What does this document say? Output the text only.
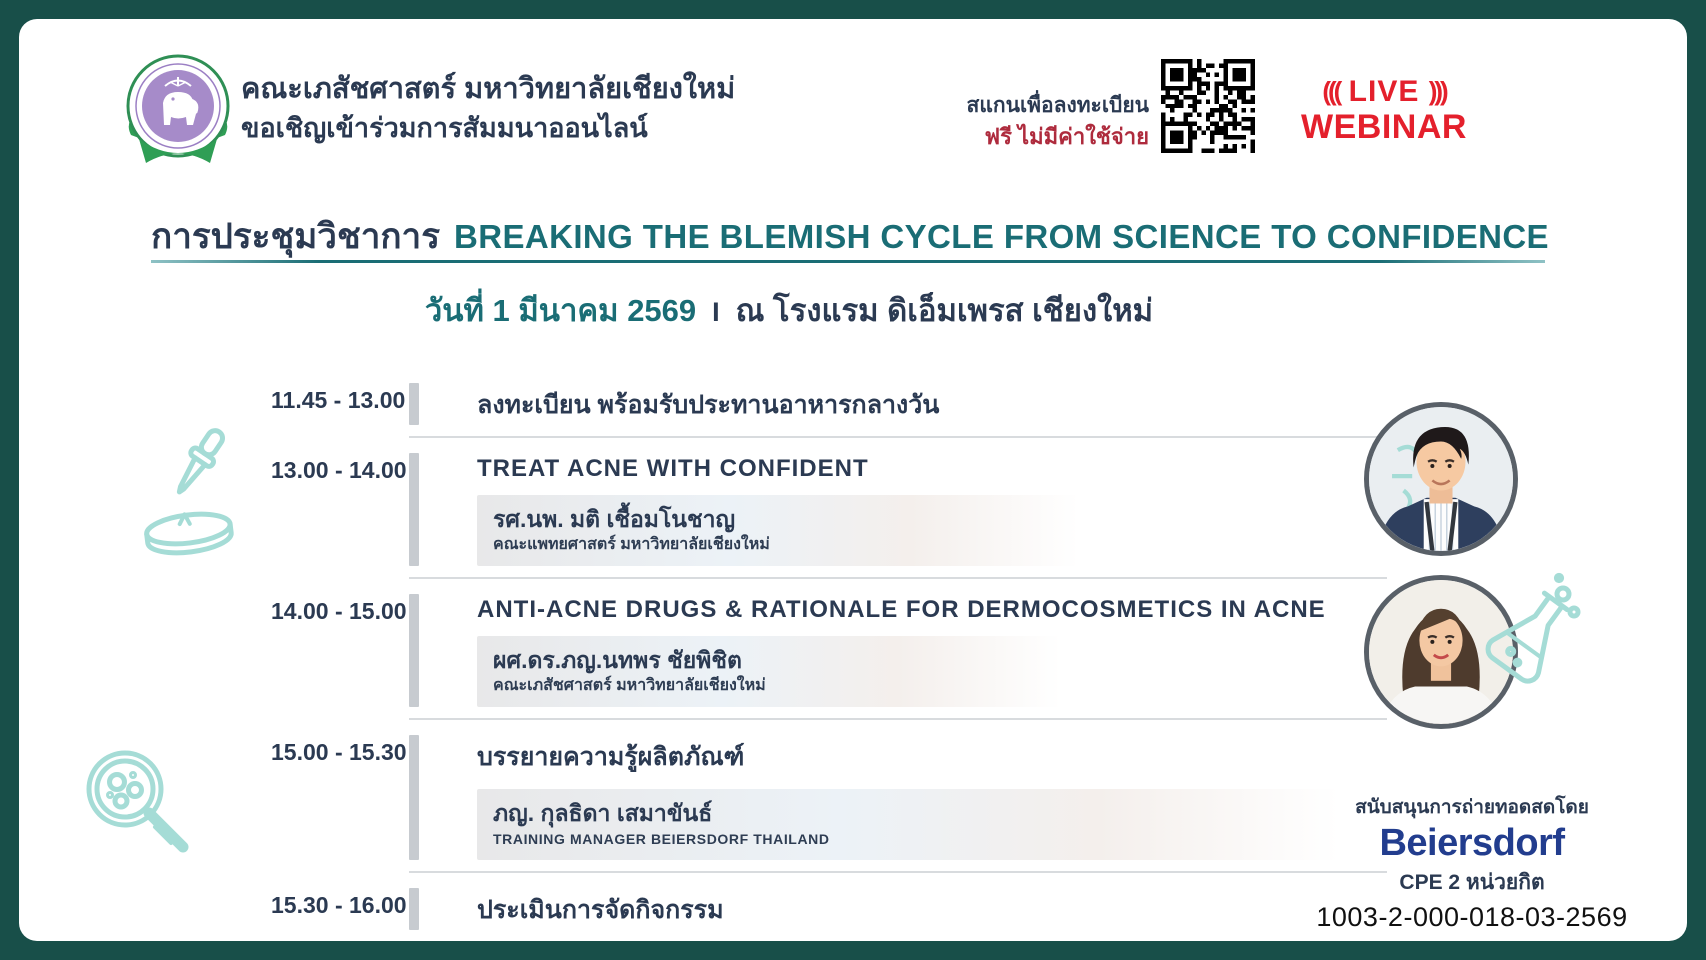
คณะเภสัชศาสตร์ มหาวิทยาลัยเชียงใหม่
ขอเชิญเข้าร่วมการสัมมนาออนไลน์
สแกนเพื่อลงทะเบียน
ฟรี ไม่มีค่าใช้จ่าย
((( LIVE )))
WEBINAR
การประชุมวิชาการ BREAKING THE BLEMISH CYCLE FROM SCIENCE TO CONFIDENCE
วันที่ 1 มีนาคม 2569 I ณ โรงแรม ดิเอ็มเพรส เชียงใหม่
11.45 - 13.00	ลงทะเบียน พร้อมรับประทานอาหารกลางวัน
13.00 - 14.00	TREAT ACNE WITH CONFIDENT
รศ.นพ. มติ เชื้อมโนชาญ
คณะแพทยศาสตร์ มหาวิทยาลัยเชียงใหม่
14.00 - 15.00	ANTI-ACNE DRUGS & RATIONALE FOR DERMOCOSMETICS IN ACNE
ผศ.ดร.ภญ.นทพร ชัยพิชิต
คณะเภสัชศาสตร์ มหาวิทยาลัยเชียงใหม่
15.00 - 15.30	บรรยายความรู้ผลิตภัณฑ์
ภญ. กุลธิดา เสมาขันธ์
TRAINING MANAGER BEIERSDORF THAILAND
15.30 - 16.00	ประเมินการจัดกิจกรรม
สนับสนุนการถ่ายทอดสดโดย
Beiersdorf
CPE 2 หน่วยกิต
1003-2-000-018-03-2569
